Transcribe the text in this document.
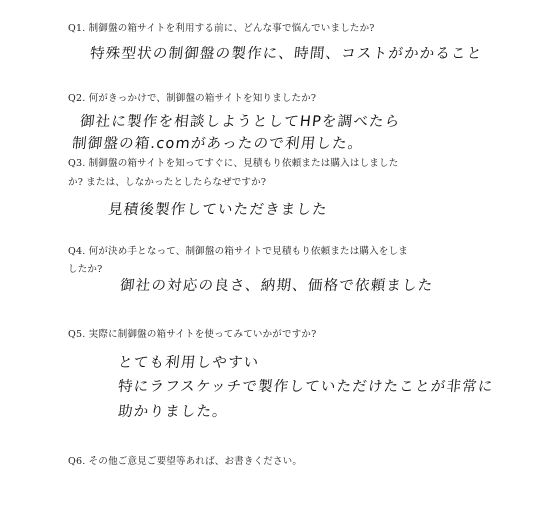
Q1. 制御盤の箱サイトを利用する前に、どんな事で悩んでいましたか?
特殊型状の制御盤の製作に、時間、コストがかかること
Q2. 何がきっかけで、制御盤の箱サイトを知りましたか?
御社に製作を相談しようとしてHPを調べたら
制御盤の箱.comがあったので利用した。
Q3. 制御盤の箱サイトを知ってすぐに、見積もり依頼または購入はしました
か? または、しなかったとしたらなぜですか?
見積後製作していただきました
Q4. 何が決め手となって、制御盤の箱サイトで見積もり依頼または購入をしま
したか?
御社の対応の良さ、納期、価格で依頼ました
Q5. 実際に制御盤の箱サイトを使ってみていかがですか?
とても利用しやすい
特にラフスケッチで製作していただけたことが非常に
助かりました。
Q6. その他ご意見ご要望等あれば、お書きください。
